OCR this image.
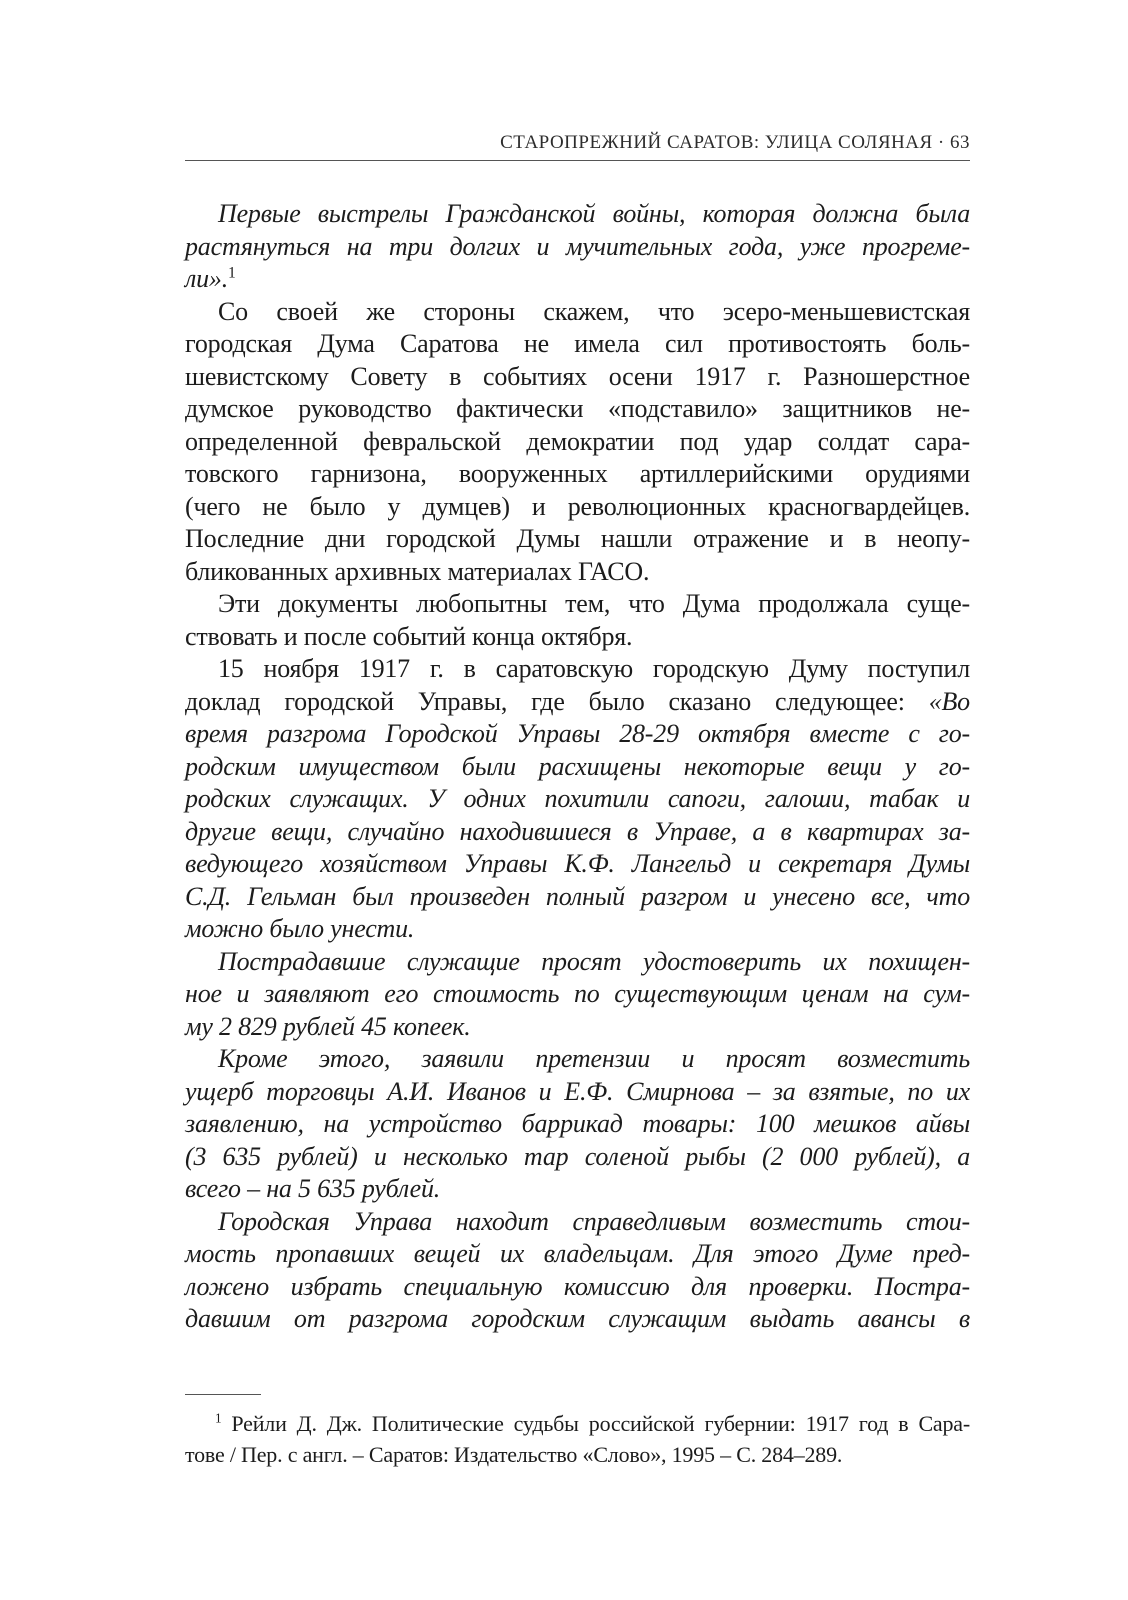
СТАРОПРЕЖНИЙ САРАТОВ: УЛИЦА СОЛЯНАЯ · 63
Первые выстрелы Гражданской войны, которая должна была
растянуться на три долгих и мучительных года, уже прогреме-
ли».$^1$
Со своей же стороны скажем, что эсеро-меньшевистская
городская Дума Саратова не имела сил противостоять боль-
шевистскому Совету в событиях осени 1917 г. Разношерстное
думское руководство фактически «подставило» защитников не-
определенной февральской демократии под удар солдат сара-
товского гарнизона, вооруженных артиллерийскими орудиями
(чего не было у думцев) и революционных красногвардейцев.
Последние дни городской Думы нашли отражение и в неопу-
бликованных архивных материалах ГАСО.
Эти документы любопытны тем, что Дума продолжала суще-
ствовать и после событий конца октября.
15 ноября 1917 г. в саратовскую городскую Думу поступил
доклад городской Управы, где было сказано следующее: «Во
время разгрома Городской Управы 28-29 октября вместе с го-
родским имуществом были расхищены некоторые вещи у го-
родских служащих. У одних похитили сапоги, галоши, табак и
другие вещи, случайно находившиеся в Управе, а в квартирах за-
ведующего хозяйством Управы К.Ф. Лангельд и секретаря Думы
С.Д. Гельман был произведен полный разгром и унесено все, что
можно было унести.
Пострадавшие служащие просят удостоверить их похищен-
ное и заявляют его стоимость по существующим ценам на сум-
му 2 829 рублей 45 копеек.
Кроме этого, заявили претензии и просят возместить
ущерб торговцы А.И. Иванов и Е.Ф. Смирнова – за взятые, по их
заявлению, на устройство баррикад товары: 100 мешков айвы
(3 635 рублей) и несколько тар соленой рыбы (2 000 рублей), а
всего – на 5 635 рублей.
Городская Управа находит справедливым возместить стои-
мость пропавших вещей их владельцам. Для этого Думе пред-
ложено избрать специальную комиссию для проверки. Постра-
давшим от разгрома городским служащим выдать авансы в
$^1$ Рейли Д. Дж. Политические судьбы российской губернии: 1917 год в Сара-
тове / Пер. с англ. – Саратов: Издательство «Слово», 1995 – С. 284–289.
